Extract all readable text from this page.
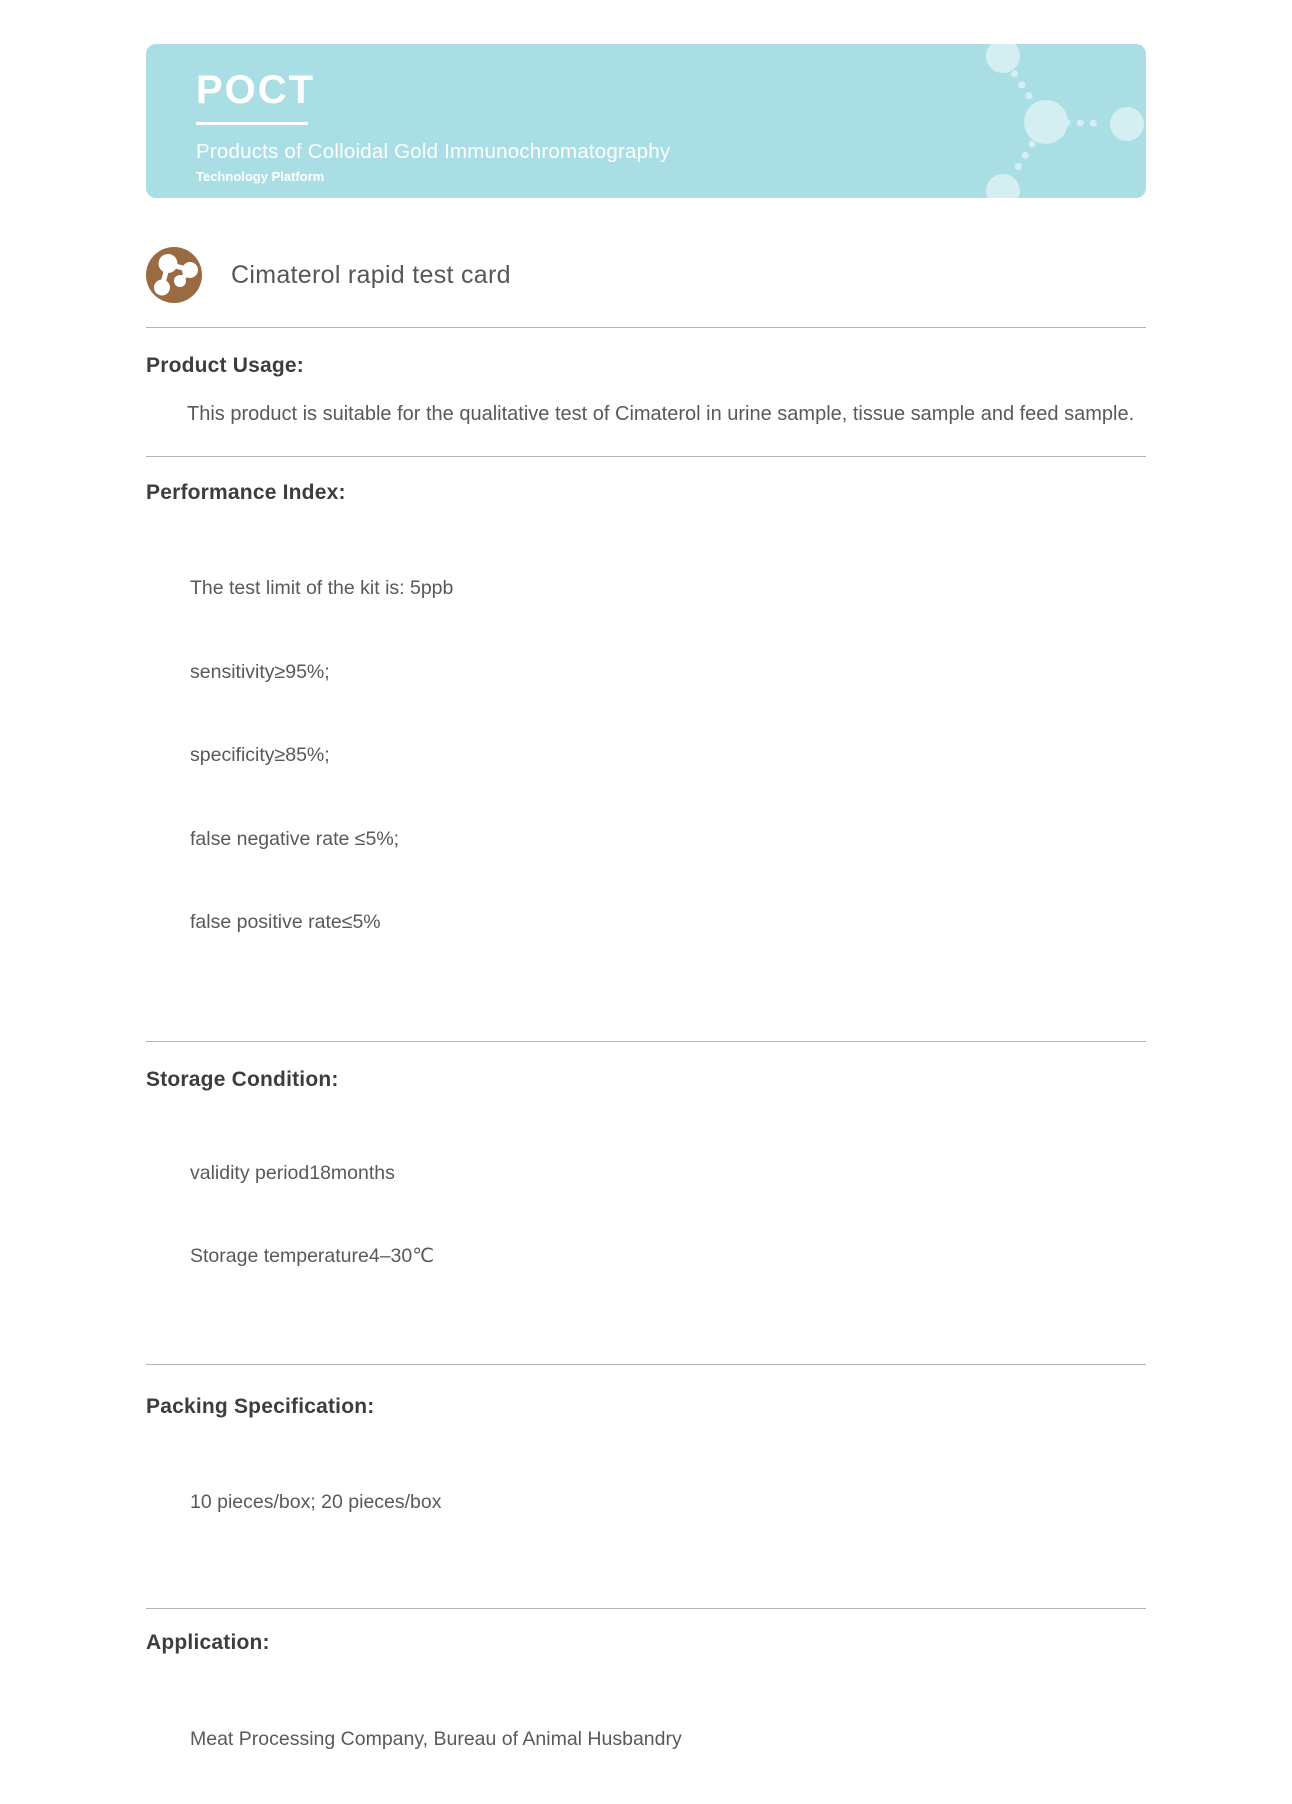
POCT
Products of Colloidal Gold Immunochromatography
Technology Platform
Cimaterol rapid test card
Product Usage:

This product is suitable for the qualitative test of Cimaterol in urine sample, tissue sample and feed sample.

Performance Index:

The test limit of the kit is: 5ppb

sensitivity≥95%;

specificity≥85%;

false negative rate ≤5%;

false positive rate≤5%

Storage Condition:

validity period18months

Storage temperature4–30℃

Packing Specification:

10 pieces/box; 20 pieces/box

Application:

Meat Processing Company, Bureau of Animal Husbandry
